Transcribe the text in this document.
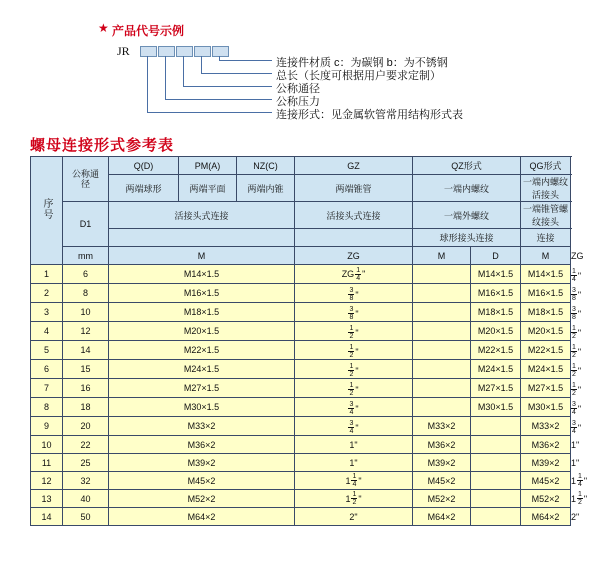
★ 产品代号示例
JR
连接件材质 c：为碳钢 b：为不锈钢
总长（长度可根据用户要求定制）
公称通径
公称压力
连接形式：见金属软管常用结构形式表
螺母连接形式参考表
序号	公称通径	Q(D)	PM(A)	NZ(C)	GZ	QZ形式		QG形式	
		两端球形	两端平面	两端内锥	两端锥管	一端内螺纹		一端内螺纹活接头	
	D1	活接头式连接			活接头式连接	一端外螺纹		一端锥管螺纹接头	
						球形接头连接		连接	
	mm	M			ZG	M	D	M	ZG
1	6	M14×1.5			ZG $\frac{1}{4}$ "		M14×1.5	M14×1.5	$\frac{1}{4}$ "

2	8	M16×1.5			$\frac{3}{8}$ "		M16×1.5	M16×1.5	$\frac{3}{8}$ "

3	10	M18×1.5			$\frac{3}{8}$ "		M18×1.5	M18×1.5	$\frac{3}{8}$ "

4	12	M20×1.5			$\frac{1}{2}$ "		M20×1.5	M20×1.5	$\frac{1}{2}$ "

5	14	M22×1.5			$\frac{1}{2}$ "		M22×1.5	M22×1.5	$\frac{1}{2}$ "

6	15	M24×1.5			$\frac{1}{2}$ "		M24×1.5	M24×1.5	$\frac{1}{2}$ "

7	16	M27×1.5			$\frac{1}{2}$ "		M27×1.5	M27×1.5	$\frac{1}{2}$ "

8	18	M30×1.5			$\frac{3}{4}$ "		M30×1.5	M30×1.5	$\frac{3}{4}$ "

9	20	M33×2			$\frac{3}{4}$ "	M33×2		M33×2	$\frac{3}{4}$ "

10	22	M36×2			1"	M36×2		M36×2	1"
11	25	M39×2			1"	M39×2		M39×2	1"
12	32	M45×2			$1 \frac{1}{4}$ "	M45×2		M45×2	$1 \frac{1}{4}$ "

13	40	M52×2			$1 \frac{1}{2}$ "	M52×2		M52×2	$1 \frac{1}{2}$ "

14	50	M64×2			2"	M64×2		M64×2	2"
